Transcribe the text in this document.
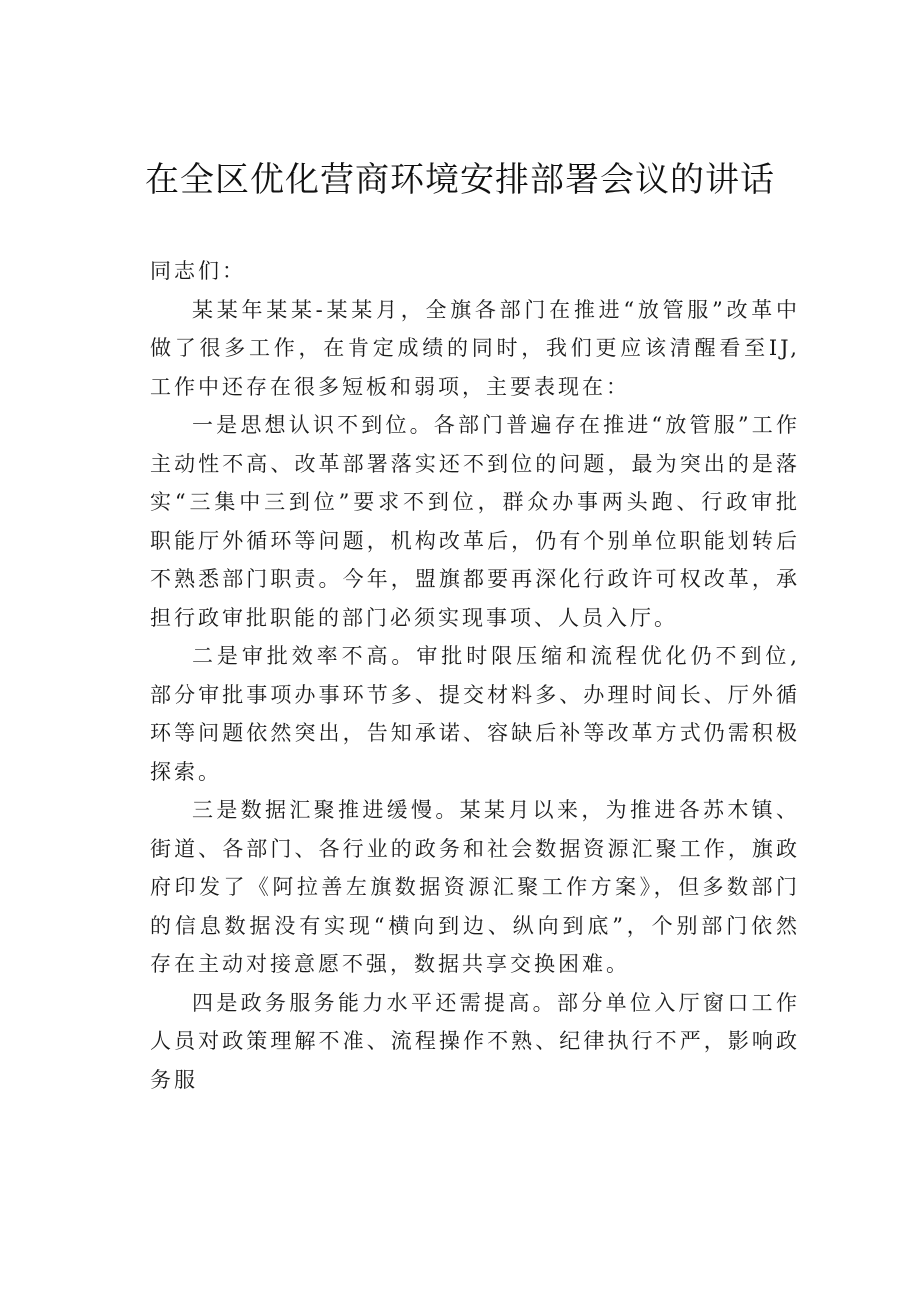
在全区优化营商环境安排部署会议的讲话

同志们：

某某年某某-某某月，全旗各部门在推进“放管服”改革中做了很多工作，在肯定成绩的同时，我们更应该清醒看至IJ,工作中还存在很多短板和弱项，主要表现在：

一是思想认识不到位。各部门普遍存在推进“放管服”工作主动性不高、改革部署落实还不到位的问题，最为突出的是落实“三集中三到位”要求不到位，群众办事两头跑、行政审批职能厅外循环等问题，机构改革后，仍有个别单位职能划转后不熟悉部门职责。今年，盟旗都要再深化行政许可权改革，承担行政审批职能的部门必须实现事项、人员入厅。

二是审批效率不高。审批时限压缩和流程优化仍不到位,部分审批事项办事环节多、提交材料多、办理时间长、厅外循环等问题依然突出，告知承诺、容缺后补等改革方式仍需积极探索。

三是数据汇聚推进缓慢。某某月以来，为推进各苏木镇、街道、各部门、各行业的政务和社会数据资源汇聚工作，旗政府印发了《阿拉善左旗数据资源汇聚工作方案》，但多数部门的信息数据没有实现“横向到边、纵向到底”，个别部门依然存在主动对接意愿不强，数据共享交换困难。

四是政务服务能力水平还需提高。部分单位入厅窗口工作人员对政策理解不准、流程操作不熟、纪律执行不严，影响政务服
